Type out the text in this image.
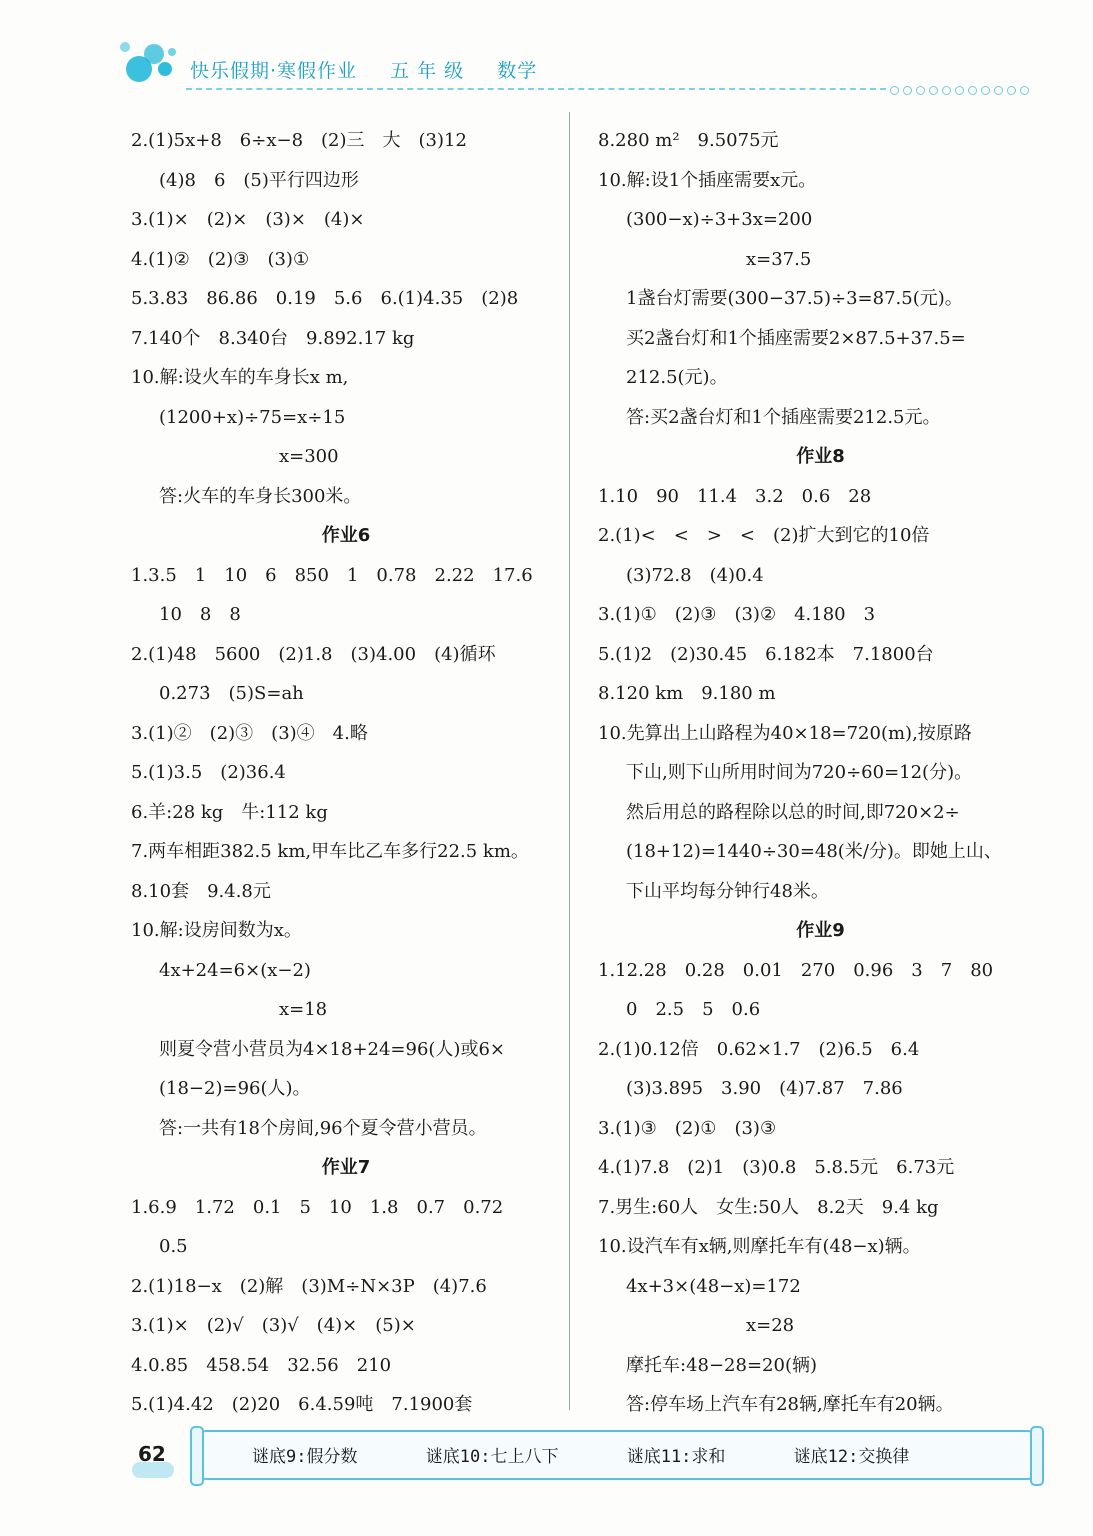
快乐假期·寒假作业 五 年 级 数学
2.(1)5x+8　6÷x−8　(2)三　大　(3)12
(4)8　6　(5)平行四边形
3.(1)×　(2)×　(3)×　(4)×
4.(1)②　(2)③　(3)①
5.3.83　86.86　0.19　5.6　6.(1)4.35　(2)8
7.140个　8.340台　9.892.17 kg
10.解:设火车的车身长x m,
(1200+x)÷75=x÷15
x=300
答:火车的车身长300米。
作业6
1.3.5　1　10　6　850　1　0.78　2.22　17.6
10　8　8
2.(1)48　5600　(2)1.8　(3)4.00　(4)循环
0.2̇73̇　(5)S=ah
3.(1)②　(2)③　(3)④　4.略
5.(1)3.5　(2)36.4
6.羊:28 kg　牛:112 kg
7.两车相距382.5 km,甲车比乙车多行22.5 km。
8.10套　9.4.8元
10.解:设房间数为x。
4x+24=6×(x−2)
x=18
则夏令营小营员为4×18+24=96(人)或6×
(18−2)=96(人)。
答:一共有18个房间,96个夏令营小营员。
作业7
1.6.9　1.72　0.1　5　10　1.8　0.7　0.72
0.5
2.(1)18−x　(2)解　(3)M÷N×3P　(4)7.6
3.(1)×　(2)√　(3)√　(4)×　(5)×
4.0.85　458.54　32.56　210
5.(1)4.42　(2)20　6.4.59吨　7.1900套
8.280 m²　9.5075元
10.解:设1个插座需要x元。
(300−x)÷3+3x=200
x=37.5
1盏台灯需要(300−37.5)÷3=87.5(元)。
买2盏台灯和1个插座需要2×87.5+37.5=
212.5(元)。
答:买2盏台灯和1个插座需要212.5元。
作业8
1.10　90　11.4　3.2　0.6　28
2.(1)<　<　>　<　(2)扩大到它的10倍
(3)72.8　(4)0.4
3.(1)①　(2)③　(3)②　4.180　3
5.(1)2　(2)30.45　6.182本　7.1800台
8.120 km　9.180 m
10.先算出上山路程为40×18=720(m),按原路
下山,则下山所用时间为720÷60=12(分)。
然后用总的路程除以总的时间,即720×2÷
(18+12)=1440÷30=48(米/分)。即她上山、
下山平均每分钟行48米。
作业9
1.12.28　0.28　0.01　270　0.96　3　7　80
0　2.5　5　0.6
2.(1)0.12倍　0.62×1.7　(2)6.5　6.4
(3)3.895　3.90　(4)7.87　7.86
3.(1)③　(2)①　(3)③
4.(1)7.8　(2)1　(3)0.8　5.8.5元　6.73元
7.男生:60人　女生:50人　8.2天　9.4 kg
10.设汽车有x辆,则摩托车有(48−x)辆。
4x+3×(48−x)=172
x=28
摩托车:48−28=20(辆)
答:停车场上汽车有28辆,摩托车有20辆。
62	谜底9:假分数	谜底10:七上八下	谜底11:求和	谜底12:交换律
